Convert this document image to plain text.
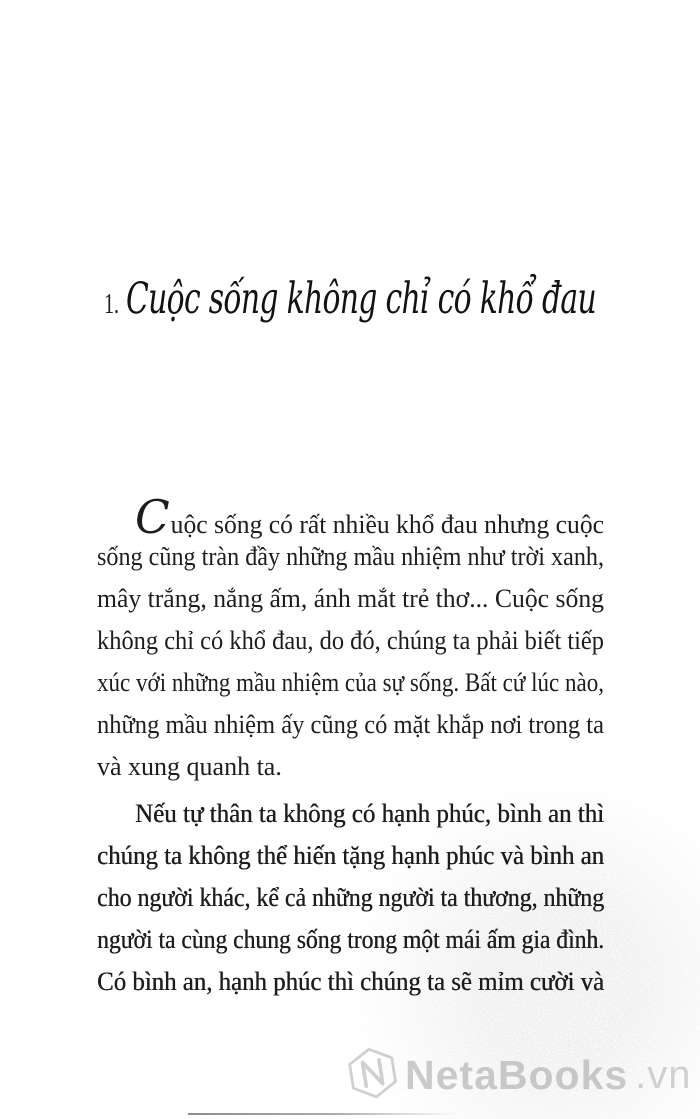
NetaBooks .vn
1. Cuộc sống không chỉ có khổ đau
Cuộc sống có rất nhiều khổ đau nhưng cuộc
sống cũng tràn đầy những mầu nhiệm như trời xanh,
mây trắng, nắng ấm, ánh mắt trẻ thơ... Cuộc sống
không chỉ có khổ đau, do đó, chúng ta phải biết tiếp
xúc với những mầu nhiệm của sự sống. Bất cứ lúc nào,
những mầu nhiệm ấy cũng có mặt khắp nơi trong ta
và xung quanh ta.
Nếu tự thân ta không có hạnh phúc, bình an thì
chúng ta không thể hiến tặng hạnh phúc và bình an
cho người khác, kể cả những người ta thương, những
người ta cùng chung sống trong một mái ấm gia đình.
Có bình an, hạnh phúc thì chúng ta sẽ mỉm cười và
